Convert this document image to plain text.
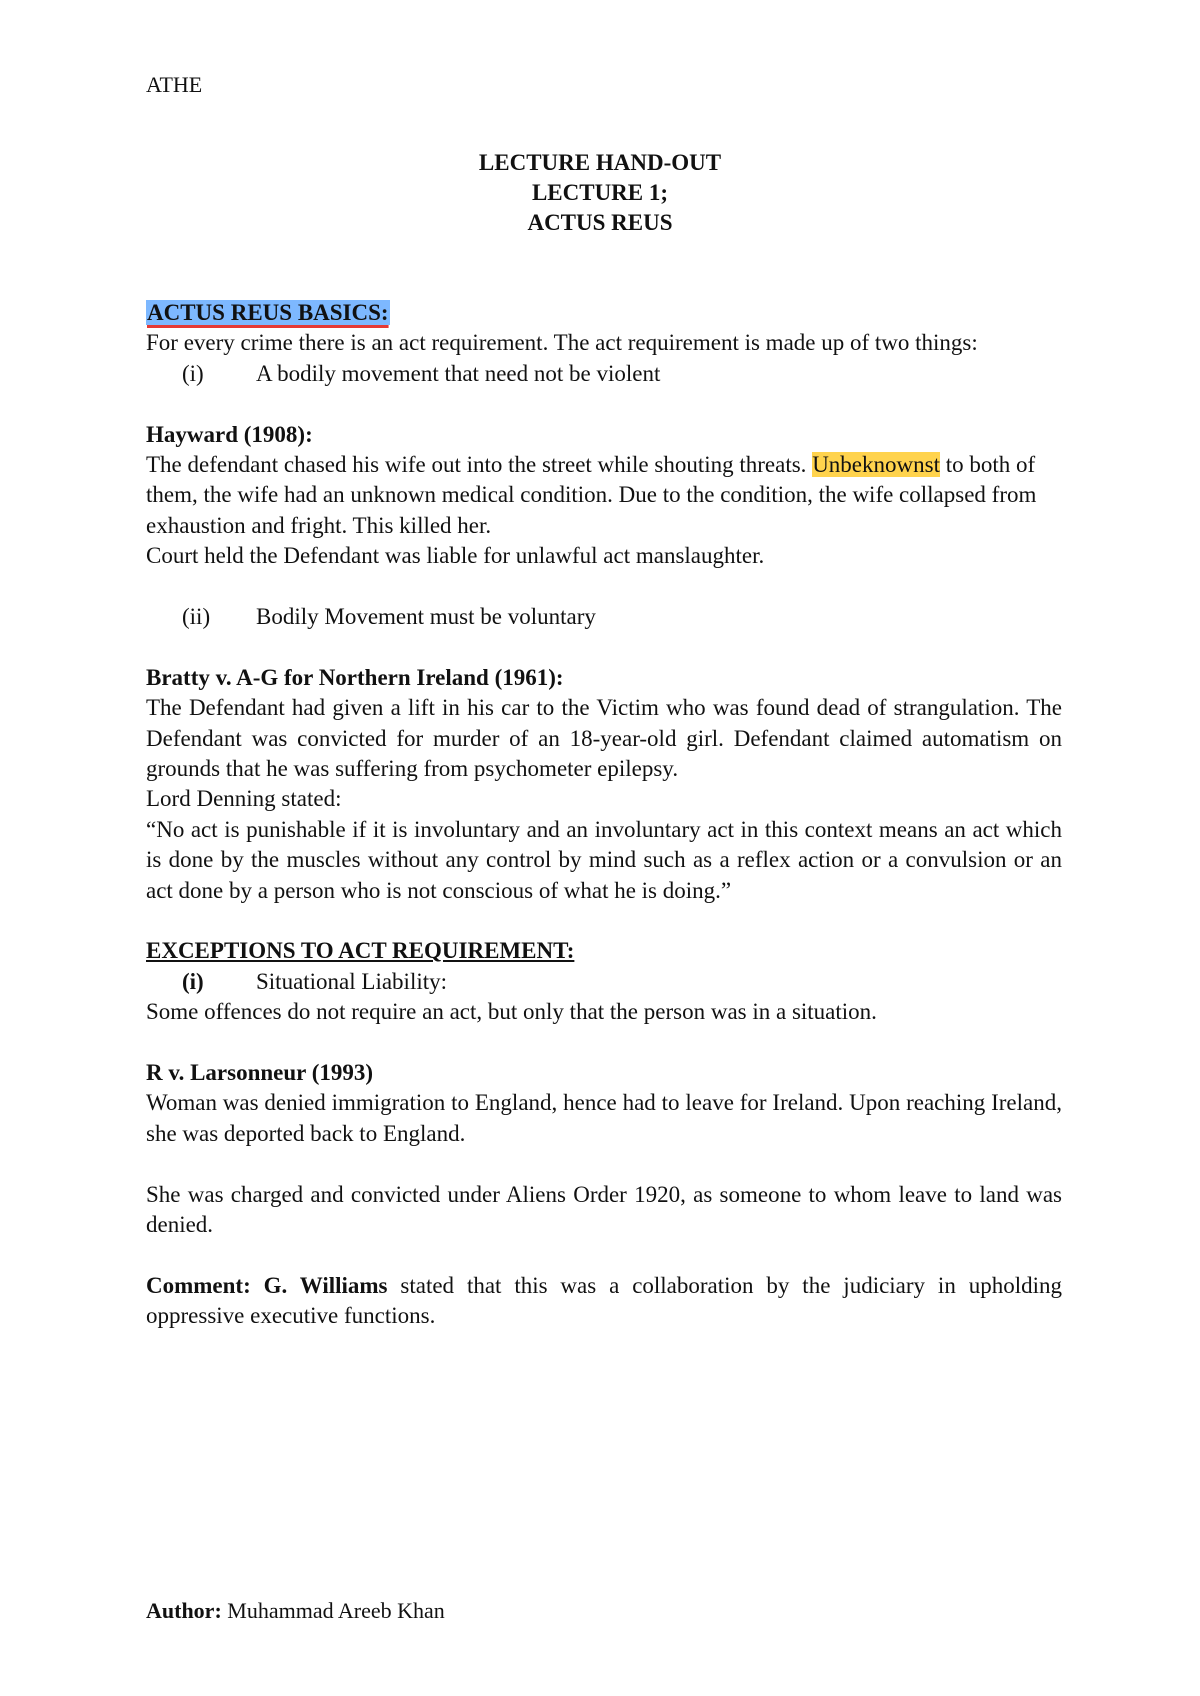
ATHE
LECTURE HAND-OUT
LECTURE 1;
ACTUS REUS

ACTUS REUS BASICS:

For every crime there is an act requirement. The act requirement is made up of two things:

(i)	A bodily movement that need not be violent

Hayward (1908):

The defendant chased his wife out into the street while shouting threats. Unbeknownst to both of them, the wife had an unknown medical condition. Due to the condition, the wife collapsed from exhaustion and fright. This killed her.

Court held the Defendant was liable for unlawful act manslaughter.

(ii)	Bodily Movement must be voluntary

Bratty v. A-G for Northern Ireland (1961):

The Defendant had given a lift in his car to the Victim who was found dead of strangulation. The Defendant was convicted for murder of an 18-year-old girl. Defendant claimed automatism on grounds that he was suffering from psychometer epilepsy.

Lord Denning stated:

“No act is punishable if it is involuntary and an involuntary act in this context means an act which is done by the muscles without any control by mind such as a reflex action or a convulsion or an act done by a person who is not conscious of what he is doing.”

EXCEPTIONS TO ACT REQUIREMENT:

(i)	Situational Liability:

Some offences do not require an act, but only that the person was in a situation.

R v. Larsonneur (1993)

Woman was denied immigration to England, hence had to leave for Ireland. Upon reaching Ireland, she was deported back to England.

She was charged and convicted under Aliens Order 1920, as someone to whom leave to land was denied.

Comment: G. Williams stated that this was a collaboration by the judiciary in upholding oppressive executive functions.

Author: Muhammad Areeb Khan
